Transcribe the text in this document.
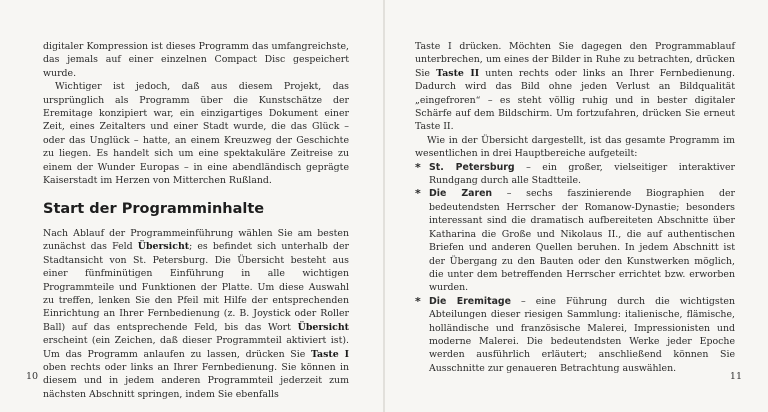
digitaler Kompression ist dieses Programm das umfangreichste, das jemals auf einer einzelnen Compact Disc gespeichert wurde.

Wichtiger ist jedoch, daß aus diesem Projekt, das ursprünglich als Programm über die Kunstschätze der Eremitage konzipiert war, ein einzigartiges Dokument einer Zeit, eines Zeitalters und einer Stadt wurde, die das Glück – oder das Unglück – hatte, an einem Kreuzweg der Geschichte zu liegen. Es handelt sich um eine spektakuläre Zeitreise zu einem der Wunder Europas – in eine abendländisch geprägte Kaiserstadt im Herzen von Mitterchen Rußland.

Start der Programminhalte

Nach Ablauf der Programmeinführung wählen Sie am besten zunächst das Feld Übersicht; es befindet sich unterhalb der Stadtansicht von St. Petersburg. Die Übersicht besteht aus einer fünfminütigen Einführung in alle wichtigen Programmteile und Funktionen der Platte. Um diese Auswahl zu treffen, lenken Sie den Pfeil mit Hilfe der entsprechenden Einrichtung an Ihrer Fernbedienung (z. B. Joystick oder Roller Ball) auf das entsprechende Feld, bis das Wort Übersicht erscheint (ein Zeichen, daß dieser Programmteil aktiviert ist). Um das Programm anlaufen zu lassen, drücken Sie Taste I oben rechts oder links an Ihrer Fernbedienung. Sie können in diesem und in jedem anderen Programmteil jederzeit zum nächsten Abschnitt springen, indem Sie ebenfalls

10

Taste I drücken. Möchten Sie dagegen den Programmablauf unterbrechen, um eines der Bilder in Ruhe zu betrachten, drücken Sie Taste II unten rechts oder links an Ihrer Fernbedienung. Dadurch wird das Bild ohne jeden Verlust an Bildqualität „eingefroren“ – es steht völlig ruhig und in bester digitaler Schärfe auf dem Bildschirm. Um fortzufahren, drücken Sie erneut Taste II.

Wie in der Übersicht dargestellt, ist das gesamte Programm im wesentlichen in drei Hauptbereiche aufgeteilt:

* St. Petersburg – ein großer, vielseitiger interaktiver Rundgang durch alle Stadtteile.
* Die Zaren – sechs faszinierende Biographien der bedeutendsten Herrscher der Romanow-Dynastie; besonders interessant sind die dramatisch aufbereiteten Abschnitte über Katharina die Große und Nikolaus II., die auf authentischen Briefen und anderen Quellen beruhen. In jedem Abschnitt ist der Übergang zu den Bauten oder den Kunstwerken möglich, die unter dem betreffenden Herrscher errichtet bzw. erworben wurden.
* Die Eremitage – eine Führung durch die wichtigsten Abteilungen dieser riesigen Sammlung: italienische, flämische, holländische und französische Malerei, Impressionisten und moderne Malerei. Die bedeutendsten Werke jeder Epoche werden ausführlich erläutert; anschließend können Sie Ausschnitte zur genaueren Betrachtung auswählen.
11
